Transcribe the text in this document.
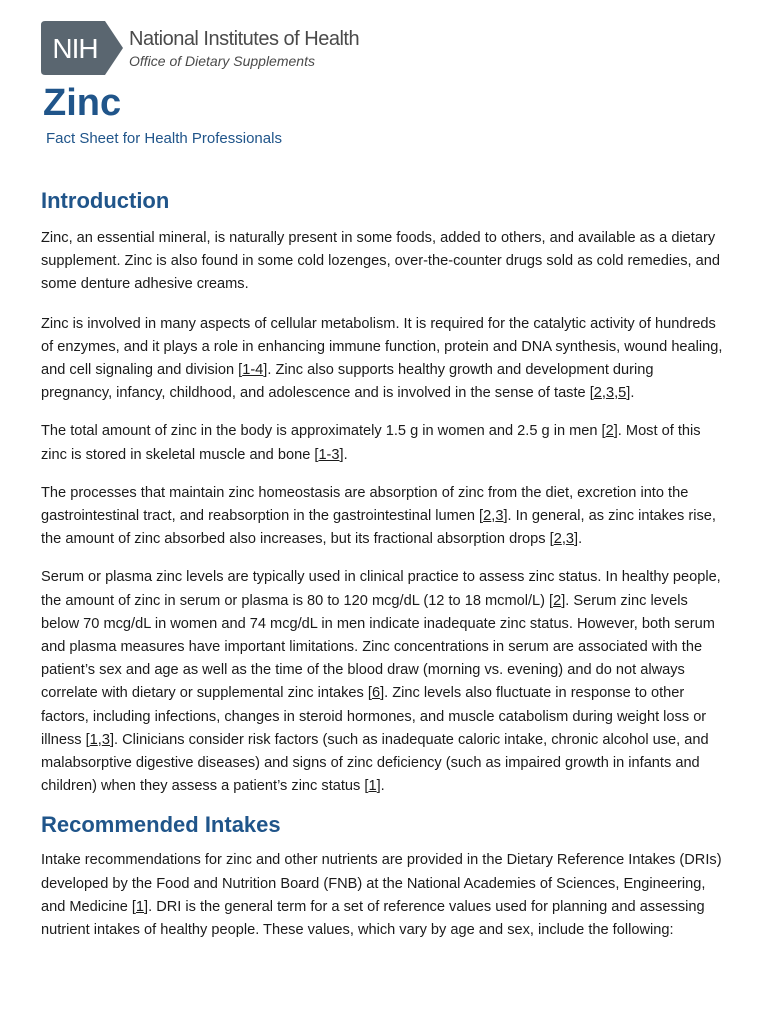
NIH National Institutes of Health
Office of Dietary Supplements
Zinc
Fact Sheet for Health Professionals
Introduction

Zinc, an essential mineral, is naturally present in some foods, added to others, and available as a dietary supplement. Zinc is also found in some cold lozenges, over-the-counter drugs sold as cold remedies, and some denture adhesive creams.

Zinc is involved in many aspects of cellular metabolism. It is required for the catalytic activity of hundreds of enzymes, and it plays a role in enhancing immune function, protein and DNA synthesis, wound healing, and cell signaling and division [1-4]. Zinc also supports healthy growth and development during pregnancy, infancy, childhood, and adolescence and is involved in the sense of taste [2,3,5].

The total amount of zinc in the body is approximately 1.5 g in women and 2.5 g in men [2]. Most of this zinc is stored in skeletal muscle and bone [1-3].

The processes that maintain zinc homeostasis are absorption of zinc from the diet, excretion into the gastrointestinal tract, and reabsorption in the gastrointestinal lumen [2,3]. In general, as zinc intakes rise, the amount of zinc absorbed also increases, but its fractional absorption drops [2,3].

Serum or plasma zinc levels are typically used in clinical practice to assess zinc status. In healthy people, the amount of zinc in serum or plasma is 80 to 120 mcg/dL (12 to 18 mcmol/L) [2]. Serum zinc levels below 70 mcg/dL in women and 74 mcg/dL in men indicate inadequate zinc status. However, both serum and plasma measures have important limitations. Zinc concentrations in serum are associated with the patient’s sex and age as well as the time of the blood draw (morning vs. evening) and do not always correlate with dietary or supplemental zinc intakes [6]. Zinc levels also fluctuate in response to other factors, including infections, changes in steroid hormones, and muscle catabolism during weight loss or illness [1,3]. Clinicians consider risk factors (such as inadequate caloric intake, chronic alcohol use, and malabsorptive digestive diseases) and signs of zinc deficiency (such as impaired growth in infants and children) when they assess a patient’s zinc status [1].

Recommended Intakes

Intake recommendations for zinc and other nutrients are provided in the Dietary Reference Intakes (DRIs) developed by the Food and Nutrition Board (FNB) at the National Academies of Sciences, Engineering, and Medicine [1]. DRI is the general term for a set of reference values used for planning and assessing nutrient intakes of healthy people. These values, which vary by age and sex, include the following:
